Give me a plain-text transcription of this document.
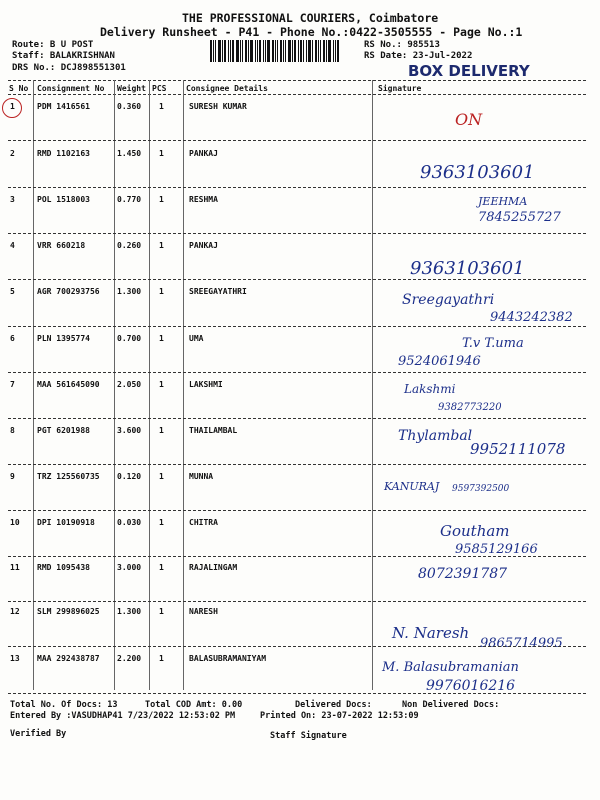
THE PROFESSIONAL COURIERS, Coimbatore
Delivery Runsheet - P41 - Phone No.:0422-3505555 - Page No.:1
Route: B U POST
Staff: BALAKRISHNAN
DRS No.: DCJ898551301
RS No.: 985513
RS Date: 23-Jul-2022
BOX DELIVERY
S No Consignment No Weight PCS Consignee Details	Signature
1	PDM 1416561	0.360 1	SURESH KUMAR
ON
2	RMD 1102163	1.450 1	PANKAJ
9363103601
3	POL 1518003	0.770 1	RESHMA	JEEHMA
7845255727
4	VRR 660218	0.260 1	PANKAJ
9363103601
5	AGR 700293756 1.300 1	SREEGAYATHRI
Sreegayathri
9443242382
6	PLN 1395774	0.700 1	UMA	T.v T.uma
9524061946
7	MAA 561645090 2.050 1	LAKSHMI	Lakshmi
9382773220
8	PGT 6201988	3.600 1	THAILAMBAL	Thylambal
9952111078
9	TRZ 125560735 0.120 1	MUNNA
KANURAJ 9597392500
10 DPI 10190918	0.030 1	CHITRA	Goutham
9585129166
11 RMD 1095438	3.000 1	RAJALINGAM	8072391787
12 SLM 299896025 1.300 1	NARESH
N. Naresh
9865714995
13 MAA 292438787 2.200 1	BALASUBRAMANIYAM
M. Balasubramanian
9976016216
Total No. Of Docs: 13	Total COD Amt: 0.00	Delivered Docs:	Non Delivered Docs:
Entered By :VASUDHAP41 7/23/2022 12:53:02 PM	Printed On: 23-07-2022 12:53:09
Verified By	Staff Signature
